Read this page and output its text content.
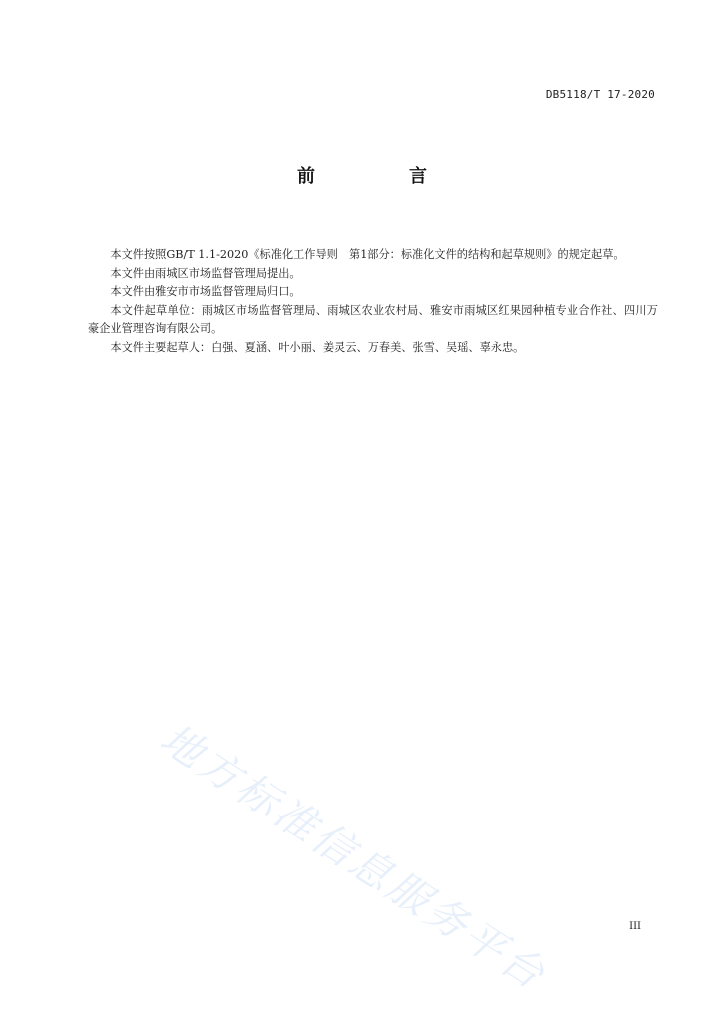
DB5118/T 17-2020
前　言

本文件按照GB/T 1.1-2020《标准化工作导则　第1部分：标准化文件的结构和起草规则》的规定起草。

本文件由雨城区市场监督管理局提出。

本文件由雅安市市场监督管理局归口。

本文件起草单位：雨城区市场监督管理局、雨城区农业农村局、雅安市雨城区红果园种植专业合作社、四川万豪企业管理咨询有限公司。

本文件主要起草人：白强、夏涵、叶小丽、姜灵云、万春美、张雪、吴瑶、辜永忠。

地方标准信息服务平台	III
